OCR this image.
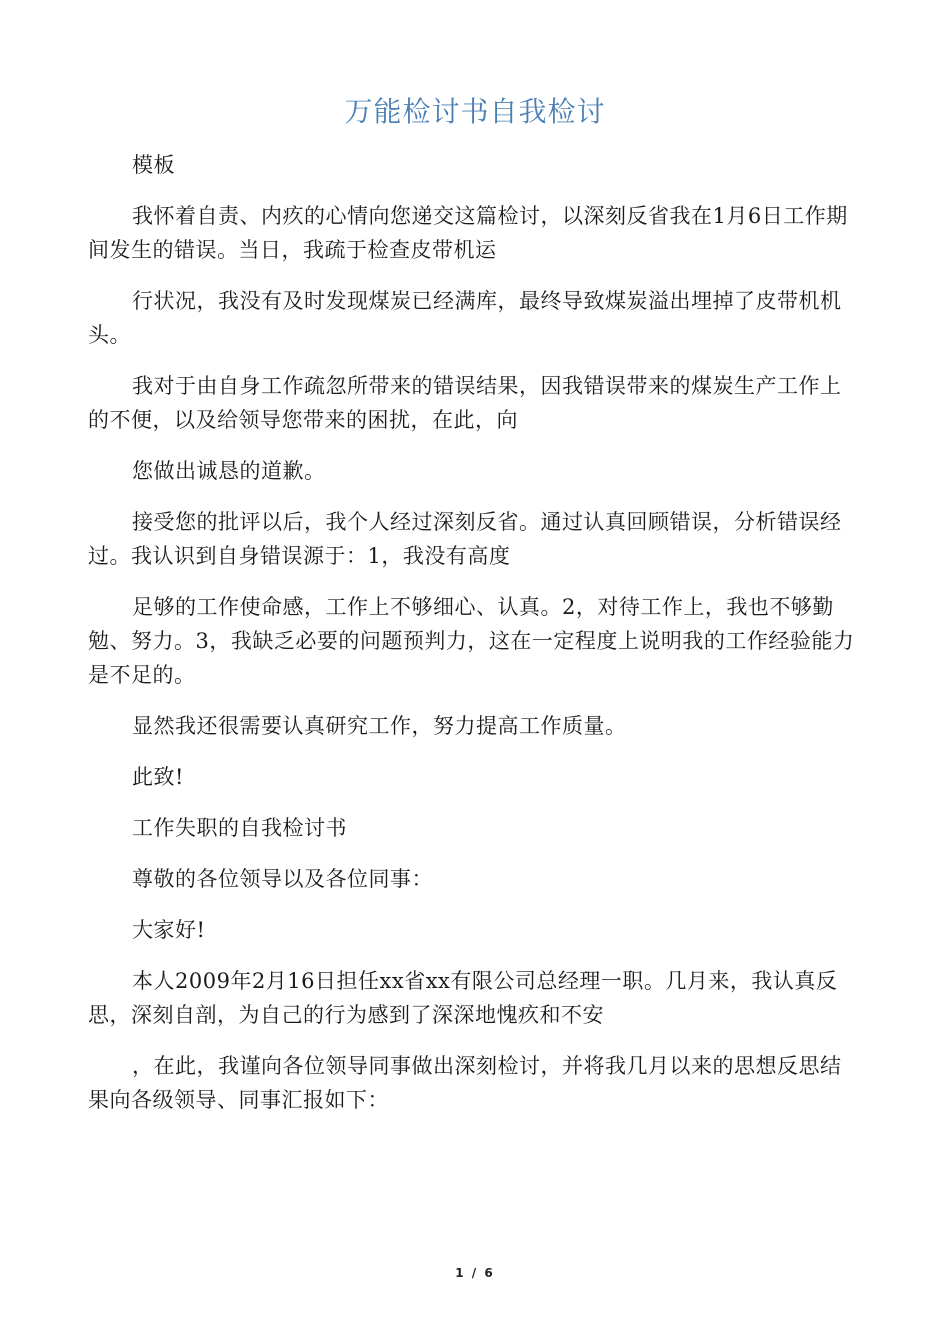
万能检讨书自我检讨

模板

我怀着自责、内疚的心情向您递交这篇检讨，以深刻反省我在1月6日工作期间发生的错误。当日，我疏于检查皮带机运

行状况，我没有及时发现煤炭已经满库，最终导致煤炭溢出埋掉了皮带机机头。

我对于由自身工作疏忽所带来的错误结果，因我错误带来的煤炭生产工作上的不便，以及给领导您带来的困扰，在此，向

您做出诚恳的道歉。

接受您的批评以后，我个人经过深刻反省。通过认真回顾错误，分析错误经过。我认识到自身错误源于：1，我没有高度

足够的工作使命感，工作上不够细心、认真。2，对待工作上，我也不够勤勉、努力。3，我缺乏必要的问题预判力，这在一定程度上说明我的工作经验能力是不足的。

显然我还很需要认真研究工作，努力提高工作质量。

此致!

工作失职的自我检讨书

尊敬的各位领导以及各位同事：

大家好!

本人2009年2月16日担任xx省xx有限公司总经理一职。几月来，我认真反思，深刻自剖，为自己的行为感到了深深地愧疚和不安

，在此，我谨向各位领导同事做出深刻检讨，并将我几月以来的思想反思结果向各级领导、同事汇报如下：

1 / 6
